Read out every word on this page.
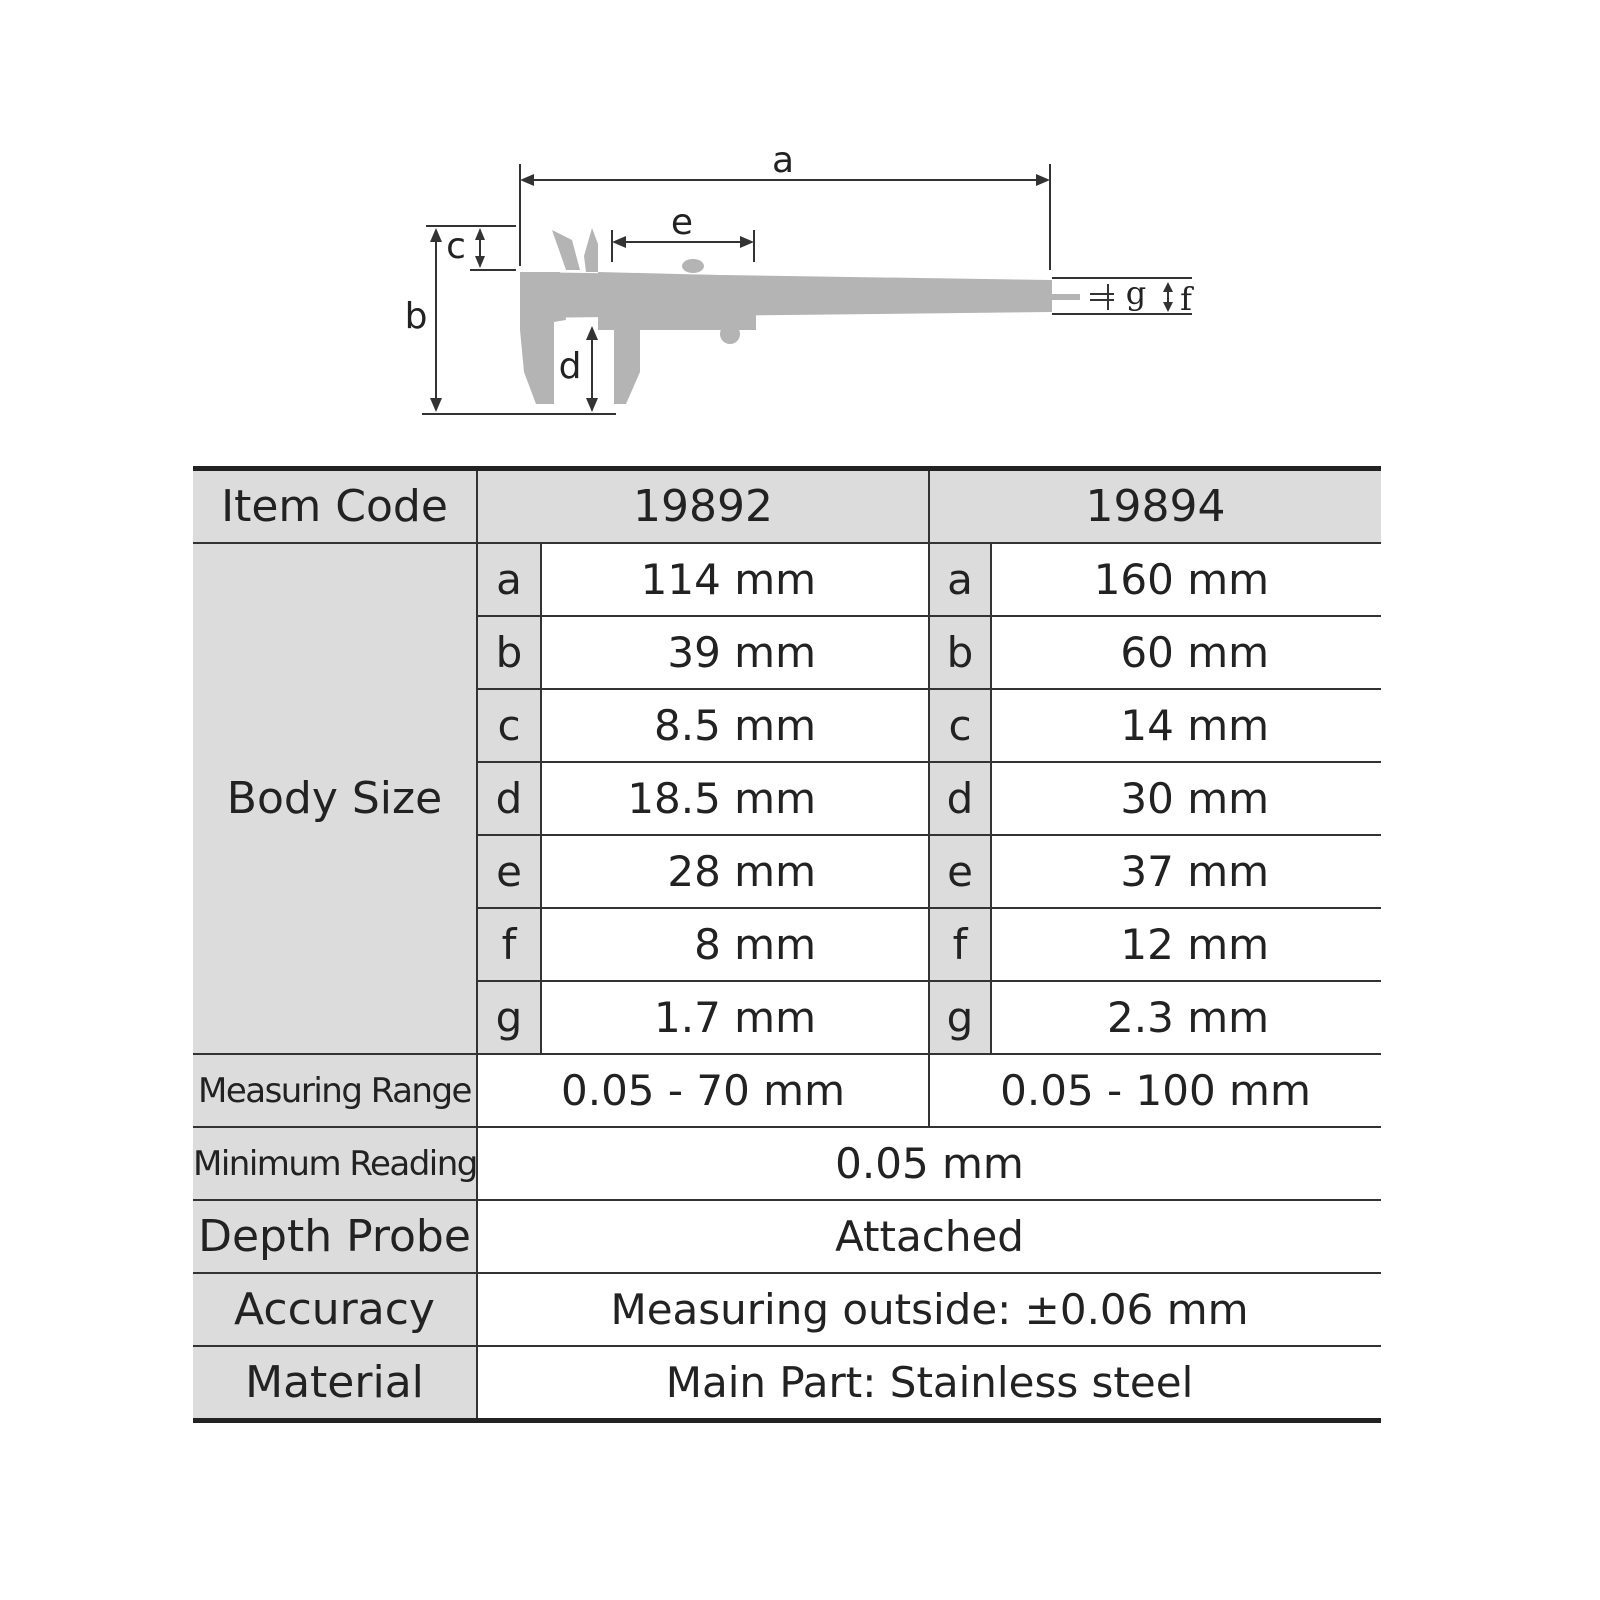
a
e
c
b
d
g f
Item Code	19892		19894	
Body Size	a	114 mm	a	160 mm
	b	39 mm	b	60 mm
	c	8.5 mm	c	14 mm
	d	18.5 mm	d	30 mm
	e	28 mm	e	37 mm
	f	8 mm	f	12 mm
	g	1.7 mm	g	2.3 mm
Measuring Range	0.05 - 70 mm		0.05 - 100 mm	
Minimum Reading	0.05 mm			
Depth Probe	Attached			
Accuracy	Measuring outside: ±0.06 mm			
Material	Main Part: Stainless steel			
